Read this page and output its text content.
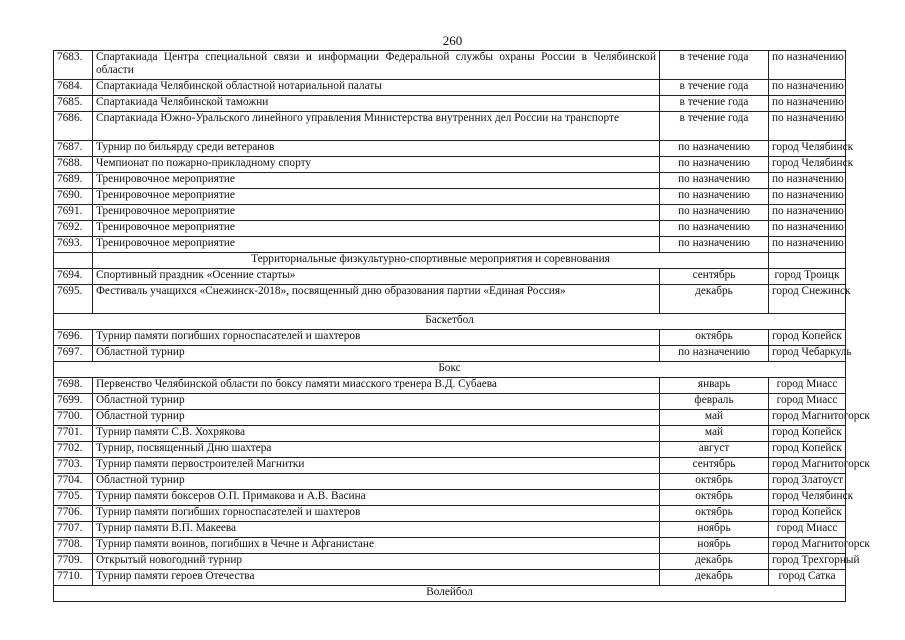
260
7683.	Спартакиада Центра специальной связи и информации Федеральной службы охраны России в Челябинской области	в течение года	по назначению
7684.	Спартакиада Челябинской областной нотариальной палаты	в течение года	по назначению
7685.	Спартакиада Челябинской таможни	в течение года	по назначению
7686.	Спартакиада Южно-Уральского линейного управления Министерства внутренних дел России на транспорте	в течение года	по назначению
7687.	Турнир по бильярду среди ветеранов	по назначению	город Челябинск
7688.	Чемпионат по пожарно-прикладному спорту	по назначению	город Челябинск
7689.	Тренировочное мероприятие	по назначению	по назначению
7690.	Тренировочное мероприятие	по назначению	по назначению
7691.	Тренировочное мероприятие	по назначению	по назначению
7692.	Тренировочное мероприятие	по назначению	по назначению
7693.	Тренировочное мероприятие	по назначению	по назначению
	Территориальные физкультурно-спортивные мероприятия и соревнования		
7694.	Спортивный праздник «Осенние старты»	сентябрь	город Троицк
7695.	Фестиваль учащихся «Снежинск-2018», посвященный дню образования партии «Единая Россия»	декабрь	город Снежинск
Баскетбол			
7696.	Турнир памяти погибших горноспасателей и шахтеров	октябрь	город Копейск
7697.	Областной турнир	по назначению	город Чебаркуль
Бокс			
7698.	Первенство Челябинской области по боксу памяти миасского тренера В.Д. Субаева	январь	город Миасс
7699.	Областной турнир	февраль	город Миасс
7700.	Областной турнир	май	город Магнитогорск
7701.	Турнир памяти С.В. Хохрякова	май	город Копейск
7702.	Турнир, посвященный Дню шахтера	август	город Копейск
7703.	Турнир памяти первостроителей Магнитки	сентябрь	город Магнитогорск
7704.	Областной турнир	октябрь	город Златоуст
7705.	Турнир памяти боксеров О.П. Примакова и А.В. Васина	октябрь	город Челябинск
7706.	Турнир памяти погибших горноспасателей и шахтеров	октябрь	город Копейск
7707.	Турнир памяти В.П. Макеева	ноябрь	город Миасс
7708.	Турнир памяти воинов, погибших в Чечне и Афганистане	ноябрь	город Магнитогорск
7709.	Открытый новогодний турнир	декабрь	город Трехгорный
7710.	Турнир памяти героев Отечества	декабрь	город Сатка
Волейбол			
